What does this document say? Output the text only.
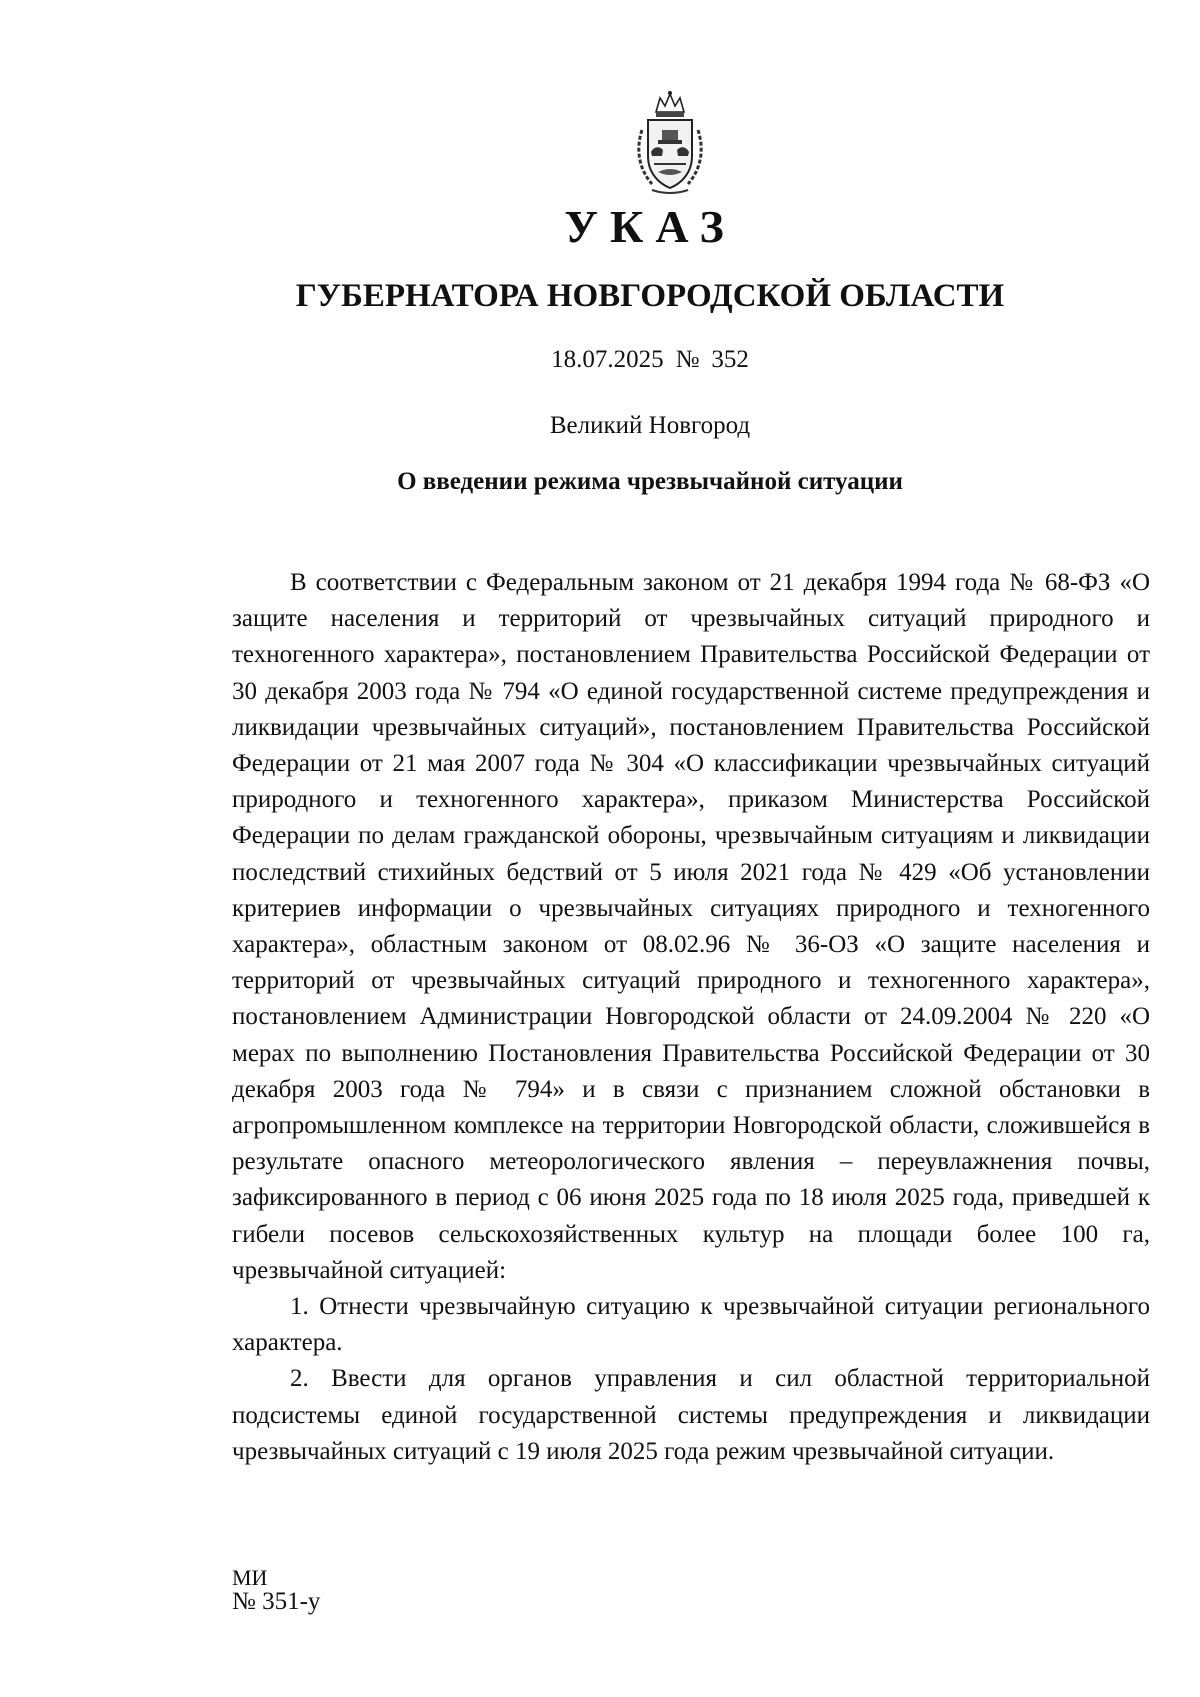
УКАЗ
ГУБЕРНАТОРА НОВГОРОДСКОЙ ОБЛАСТИ
18.07.2025 № 352
Великий Новгород
О введении режима чрезвычайной ситуации

В соответствии с Федеральным законом от 21 декабря 1994 года № 68-ФЗ «О защите населения и территорий от чрезвычайных ситуаций природного и техногенного характера», постановлением Правительства Российской Федерации от 30 декабря 2003 года № 794 «О единой государственной системе предупреждения и ликвидации чрезвычайных ситуаций», постановлением Правительства Российской Федерации от 21 мая 2007 года № 304 «О классификации чрезвычайных ситуаций природного и техногенного характера», приказом Министерства Российской Федерации по делам гражданской обороны, чрезвычайным ситуациям и ликвидации последствий стихийных бедствий от 5 июля 2021 года № 429 «Об установлении критериев информации о чрезвычайных ситуациях природного и техногенного характера», областным законом от 08.02.96 № 36-ОЗ «О защите населения и территорий от чрезвычайных ситуаций природного и техногенного характера», постановлением Администрации Новгородской области от 24.09.2004 № 220 «О мерах по выполнению Постановления Правительства Российской Федерации от 30 декабря 2003 года № 794» и в связи с признанием сложной обстановки в агропромышленном комплексе на территории Новгородской области, сложившейся в результате опасного метеорологического явления – переувлажнения почвы, зафиксированного в период с 06 июня 2025 года по 18 июля 2025 года, приведшей к гибели посевов сельскохозяйственных культур на площади более 100 га, чрезвычайной ситуацией:

1. Отнести чрезвычайную ситуацию к чрезвычайной ситуации регионального характера.

2. Ввести для органов управления и сил областной территориальной подсистемы единой государственной системы предупреждения и ликвидации чрезвычайных ситуаций с 19 июля 2025 года режим чрезвычайной ситуации.

МИ
№ 351-у
